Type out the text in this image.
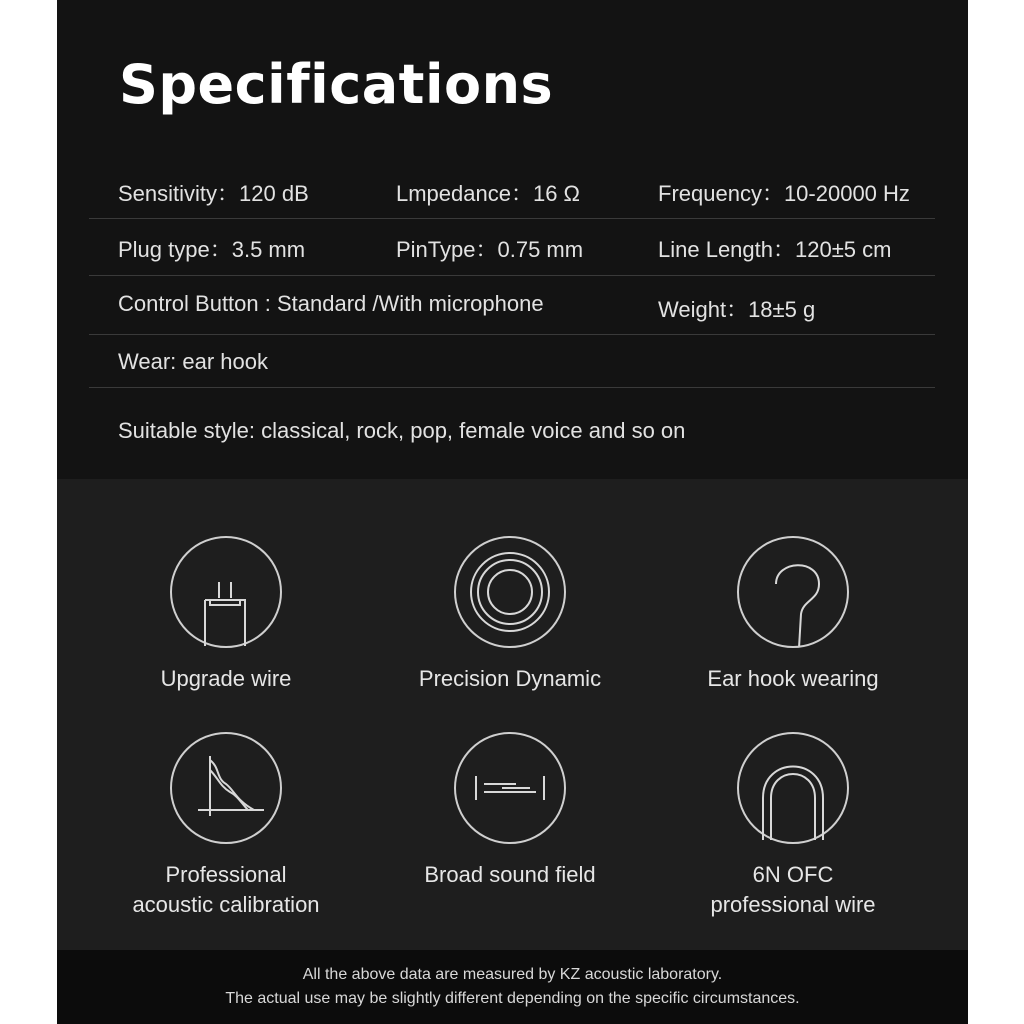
Specifications
Sensitivity：120 dB	Lmpedance：16 Ω	Frequency：10-20000 Hz
Plug type：3.5 mm	PinType：0.75 mm	Line Length：120±5 cm
Control Button : Standard /With microphone	Weight：18±5 g
Wear: ear hook
Suitable style: classical, rock, pop, female voice and so on
Upgrade wire	Precision Dynamic	Ear hook wearing
Professional
acoustic calibration
Broad sound field	6N OFC
professional wire
All the above data are measured by KZ acoustic laboratory.
The actual use may be slightly different depending on the specific circumstances.
